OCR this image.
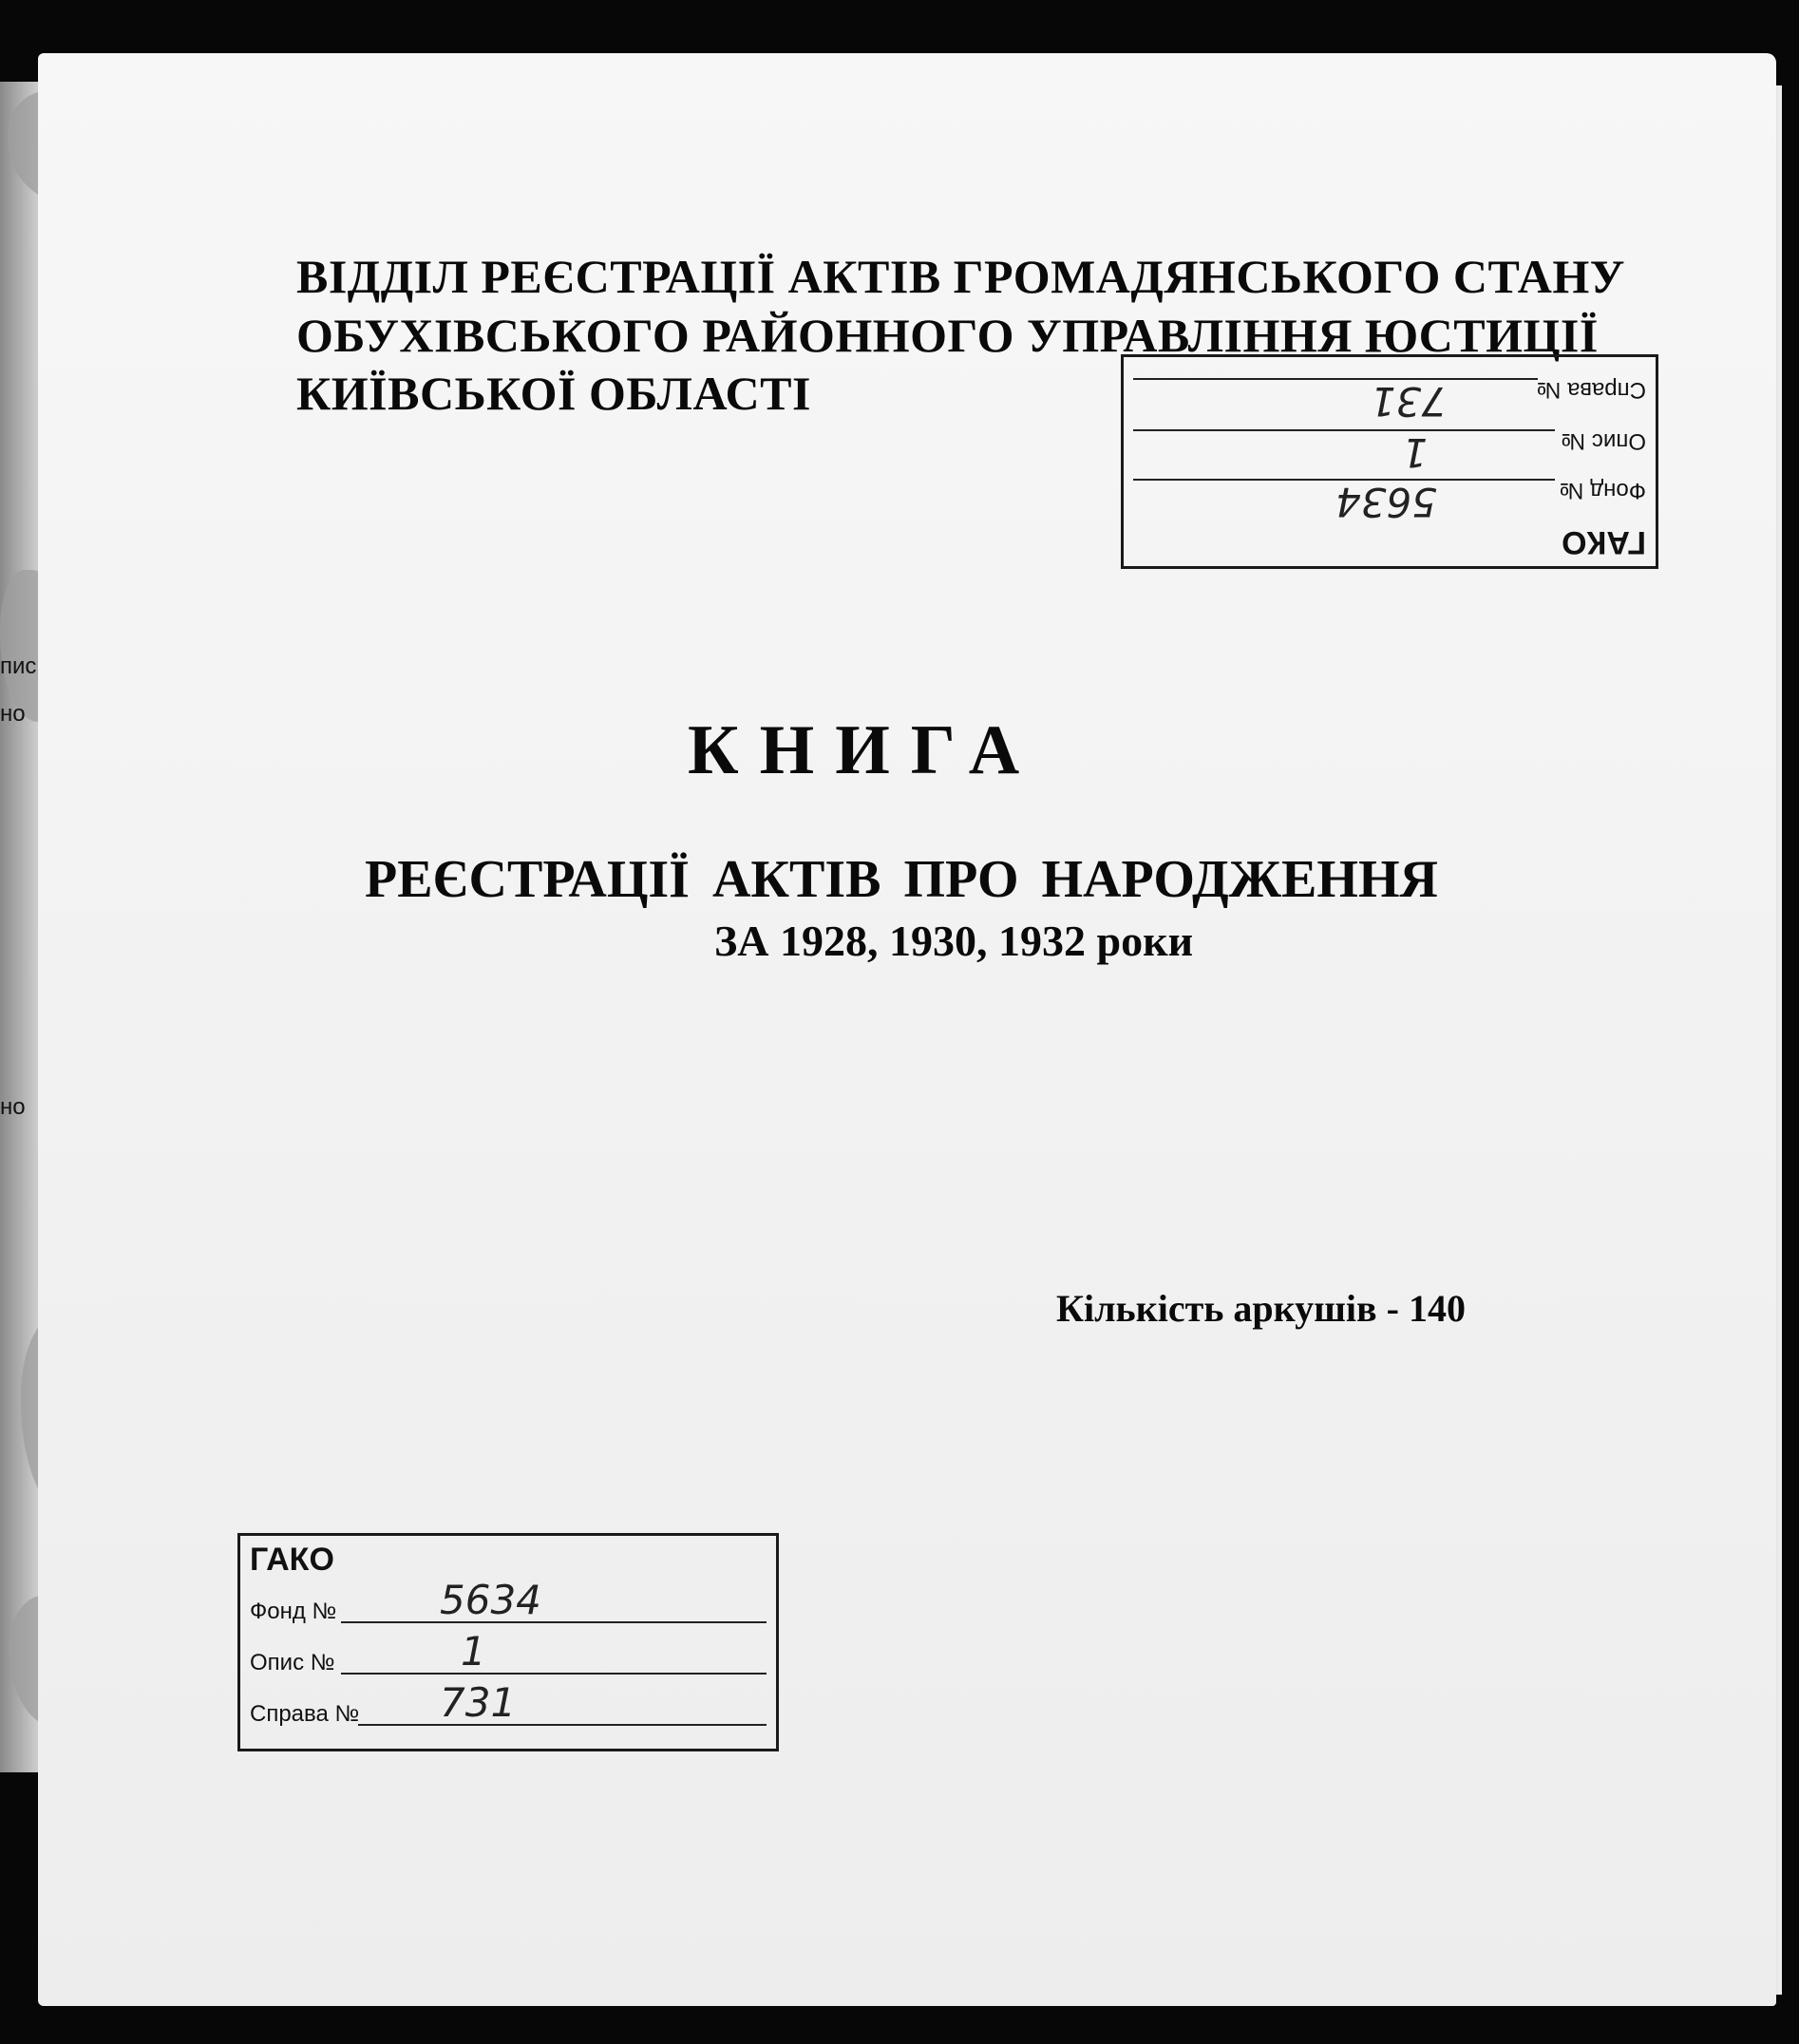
пис
но
но
ВІДДІЛ РЕЄСТРАЦІЇ АКТІВ ГРОМАДЯНСЬКОГО СТАНУ
ОБУХІВСЬКОГО РАЙОННОГО УПРАВЛІННЯ ЮСТИЦІЇ
КИЇВСЬКОЇ ОБЛАСТІ
КНИГА
РЕЄСТРАЦІЇ АКТІВ ПРО НАРОДЖЕННЯ
ЗА 1928, 1930, 1932 роки
Кількість аркушів - 140
ГАКО
Фонд №
5634
Опис №
1
Справа №
731
ГАКО
Фонд №	5634
Опис №	1
Справа № 731
